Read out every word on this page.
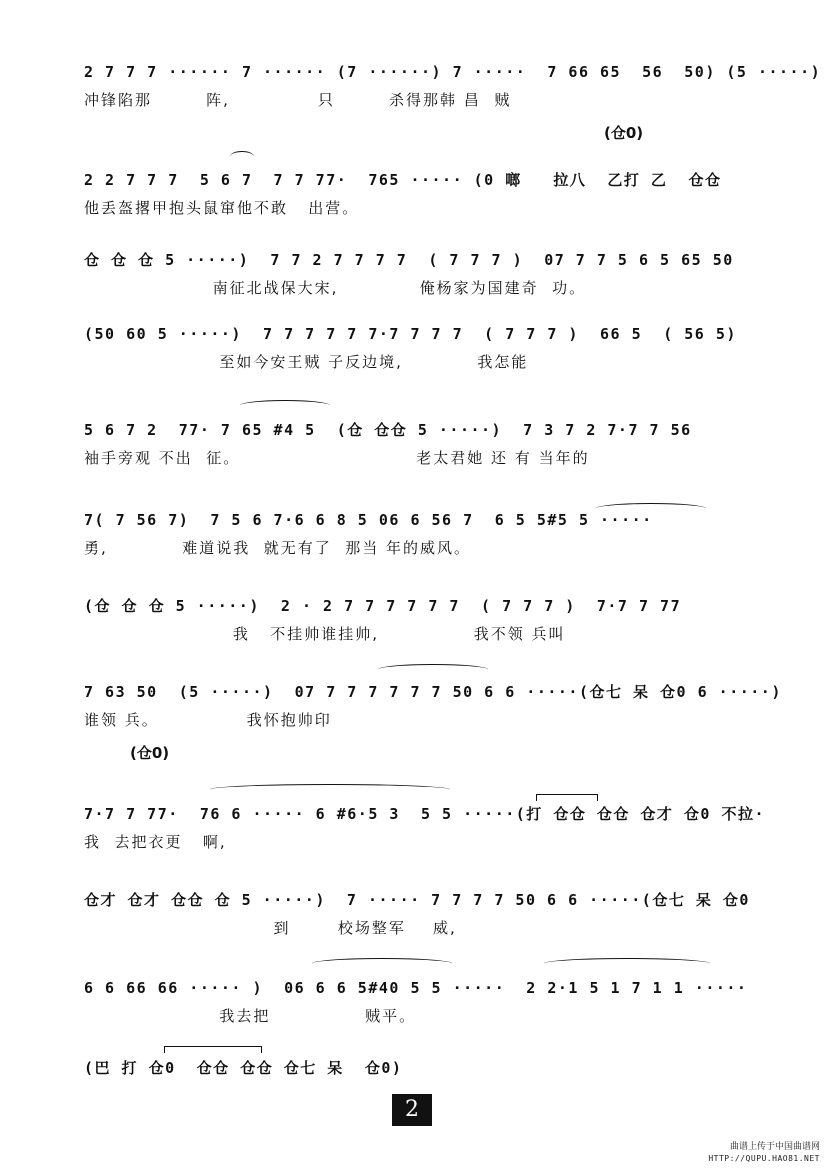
2 7 7 7 ······ 7 ······ (7 ······) 7 ·····  7 66 65  56  50) (5 ·····)
冲锋陷那        阵,             只        杀得那韩 昌  贼
(仓0)
2 2 7 7 7  5 6 7  7 7 77·  765 ····· (0 啷   拉八  乙打 乙  仓仓
他丢盔撂甲抱头鼠窜他不敢   出营。
仓 仓 仓 5 ·····)  7 7 2 7 7 7 7  ( 7 7 7 )  07 7 7 5 6 5 65 50
南征北战保大宋,            俺杨家为国建奇  功。
(50 60 5 ·····)  7 7 7 7 7 7·7 7 7 7  ( 7 7 7 )  66 5  ( 56 5)
至如今安王贼 子反边境,           我怎能
5 6 7 2  77· 7 65 #4 5  (仓 仓仓 5 ·····)  7 3 7 2 7·7 7 56
袖手旁观 不出  征。                          老太君她 还 有 当年的
7( 7 56 7)  7 5 6 7·6 6 8 5 06 6 56 7  6 5 5#5 5 ·····
勇,           难道说我  就无有了  那当 年的威风。
(仓 仓 仓 5 ·····)  2 · 2 7 7 7 7 7 7  ( 7 7 7 )  7·7 7 77
我   不挂帅谁挂帅,              我不领 兵叫
7 63 50  (5 ·····)  07 7 7 7 7 7 7 50 6 6 ·····(仓七 呆 仓0 6 ·····)
谁领 兵。             我怀抱帅印
(仓0)
7·7 7 77·  76 6 ····· 6 #6·5 3  5 5 ·····(打 仓仓 仓仓 仓才 仓0 不拉·
我  去把衣更   啊,
仓才 仓才 仓仓 仓 5 ·····)  7 ····· 7 7 7 7 50 6 6 ·····(仓七 呆 仓0
到       校场整军    威,
6 6 66 66 ····· )  06 6 6 5#40 5 5 ·····  2 2·1 5 1 7 1 1 ·····
我去把              贼平。
(巴 打 仓0  仓仓 仓仓 仓七 呆  仓0)
2
曲谱上传于中国曲谱网
HTTP://QUPU.HAO81.NET
